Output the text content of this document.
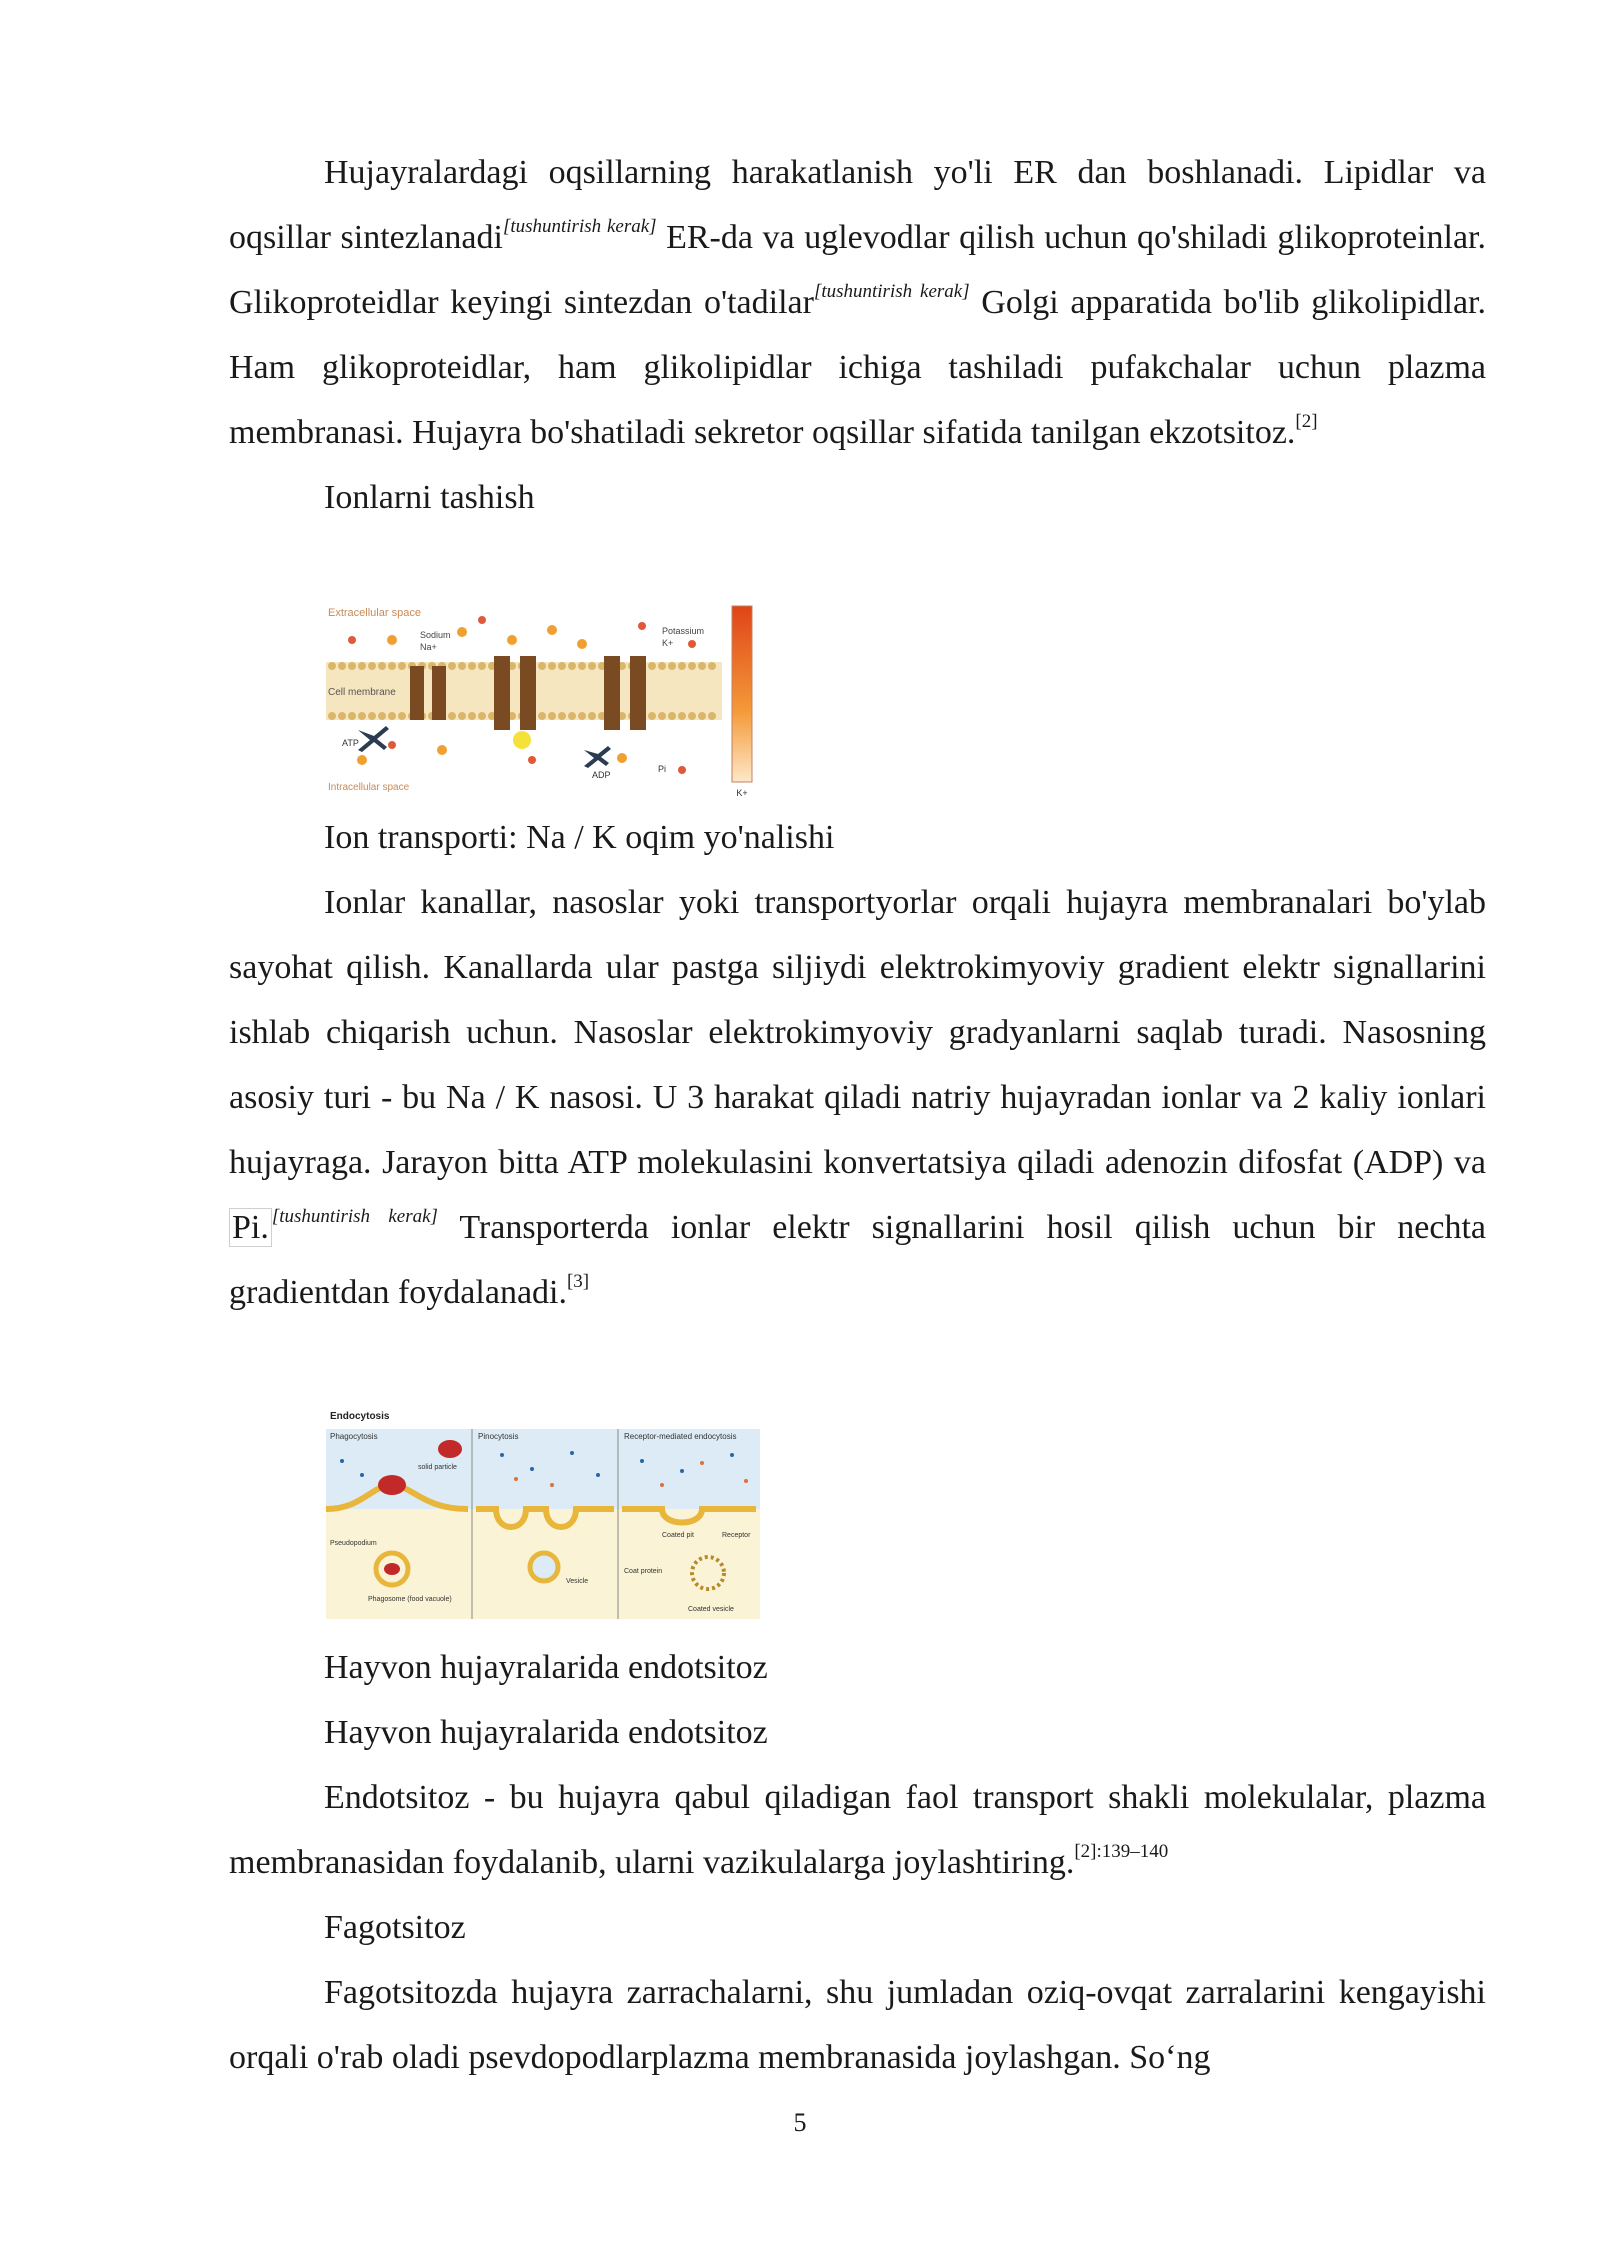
Hujayralardagi oqsillarning harakatlanish yo'li ER dan boshlanadi. Lipidlar va oqsillar sintezlanadi[tushuntirish kerak] ER-da va uglevodlar qilish uchun qo'shiladi glikoproteinlar. Glikoproteidlar keyingi sintezdan o'tadilar[tushuntirish kerak] Golgi apparatida bo'lib glikolipidlar. Ham glikoproteidlar, ham glikolipidlar ichiga tashiladi pufakchalar uchun plazma membranasi. Hujayra bo'shatiladi sekretor oqsillar sifatida tanilgan ekzotsitoz.[2]

Ionlarni tashish

Extracellular space
Sodium
Na+
Potassium
K+
Cell membrane
ATP
ADP
Pi
Intracellular space	K+

Ion transporti: Na / K oqim yo'nalishi

Ionlar kanallar, nasoslar yoki transportyorlar orqali hujayra membranalari bo'ylab sayohat qilish. Kanallarda ular pastga siljiydi elektrokimyoviy gradient elektr signallarini ishlab chiqarish uchun. Nasoslar elektrokimyoviy gradyanlarni saqlab turadi. Nasosning asosiy turi - bu Na / K nasosi. U 3 harakat qiladi natriy hujayradan ionlar va 2 kaliy ionlari hujayraga. Jarayon bitta ATP molekulasini konvertatsiya qiladi adenozin difosfat (ADP) va Pi. [tushuntirish kerak] Transporterda ionlar elektr signallarini hosil qilish uchun bir nechta gradientdan foydalanadi.[3]

Endocytosis
Phagocytosis	Pinocytosis	Receptor-mediated endocytosis
solid particle
Pseudopodium
Phagosome (food vacuole)
Vesicle
Coated pit	Receptor
Coat protein
Coated vesicle

Hayvon hujayralarida endotsitoz

Hayvon hujayralarida endotsitoz

Endotsitoz - bu hujayra qabul qiladigan faol transport shakli molekulalar, plazma membranasidan foydalanib, ularni vazikulalarga joylashtiring.$^{[2]:139-140}$

Fagotsitoz

Fagotsitozda hujayra zarrachalarni, shu jumladan oziq-ovqat zarralarini kengayishi orqali o'rab oladi psevdopodlarplazma membranasida joylashgan. So‘ng

5
